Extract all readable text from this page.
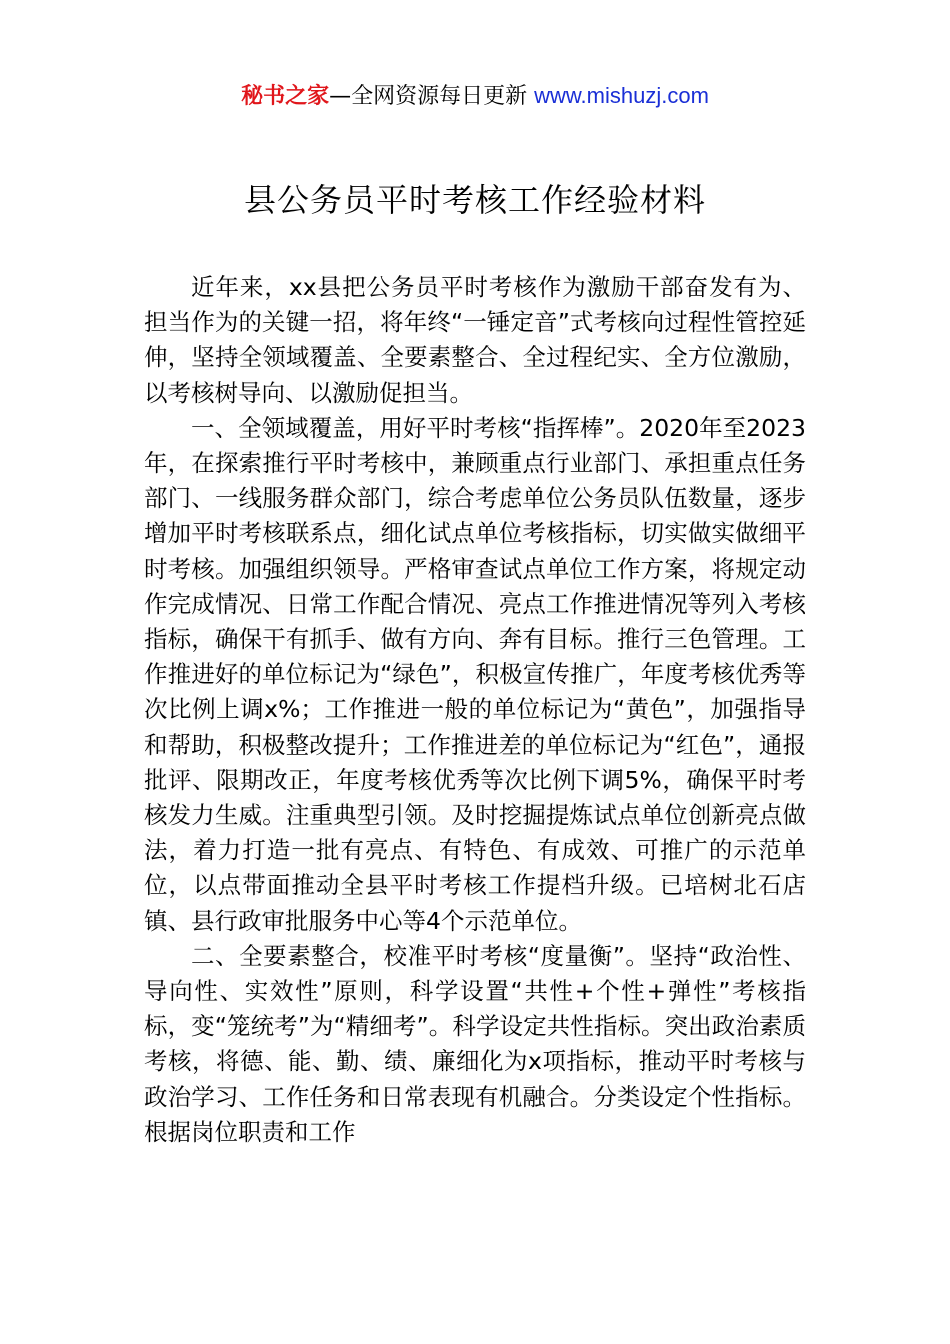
秘书之家—全网资源每日更新 www.mishuzj.com
县公务员平时考核工作经验材料

近年来，xx县把公务员平时考核作为激励干部奋发有为、担当作为的关键一招，将年终“一锤定音”式考核向过程性管控延伸，坚持全领域覆盖、全要素整合、全过程纪实、全方位激励，以考核树导向、以激励促担当。

一、全领域覆盖，用好平时考核“指挥棒”。2020年至2023年，在探索推行平时考核中，兼顾重点行业部门、承担重点任务部门、一线服务群众部门，综合考虑单位公务员队伍数量，逐步增加平时考核联系点，细化试点单位考核指标，切实做实做细平时考核。加强组织领导。严格审查试点单位工作方案，将规定动作完成情况、日常工作配合情况、亮点工作推进情况等列入考核指标，确保干有抓手、做有方向、奔有目标。推行三色管理。工作推进好的单位标记为“绿色”，积极宣传推广，年度考核优秀等次比例上调x%；工作推进一般的单位标记为“黄色”，加强指导和帮助，积极整改提升；工作推进差的单位标记为“红色”，通报批评、限期改正，年度考核优秀等次比例下调5%，确保平时考核发力生威。注重典型引领。及时挖掘提炼试点单位创新亮点做法，着力打造一批有亮点、有特色、有成效、可推广的示范单位，以点带面推动全县平时考核工作提档升级。已培树北石店镇、县行政审批服务中心等4个示范单位。

二、全要素整合，校准平时考核“度量衡”。坚持“政治性、导向性、实效性”原则，科学设置“共性+个性+弹性”考核指标，变“笼统考”为“精细考”。科学设定共性指标。突出政治素质考核，将德、能、勤、绩、廉细化为x项指标，推动平时考核与政治学习、工作任务和日常表现有机融合。分类设定个性指标。根据岗位职责和工作
